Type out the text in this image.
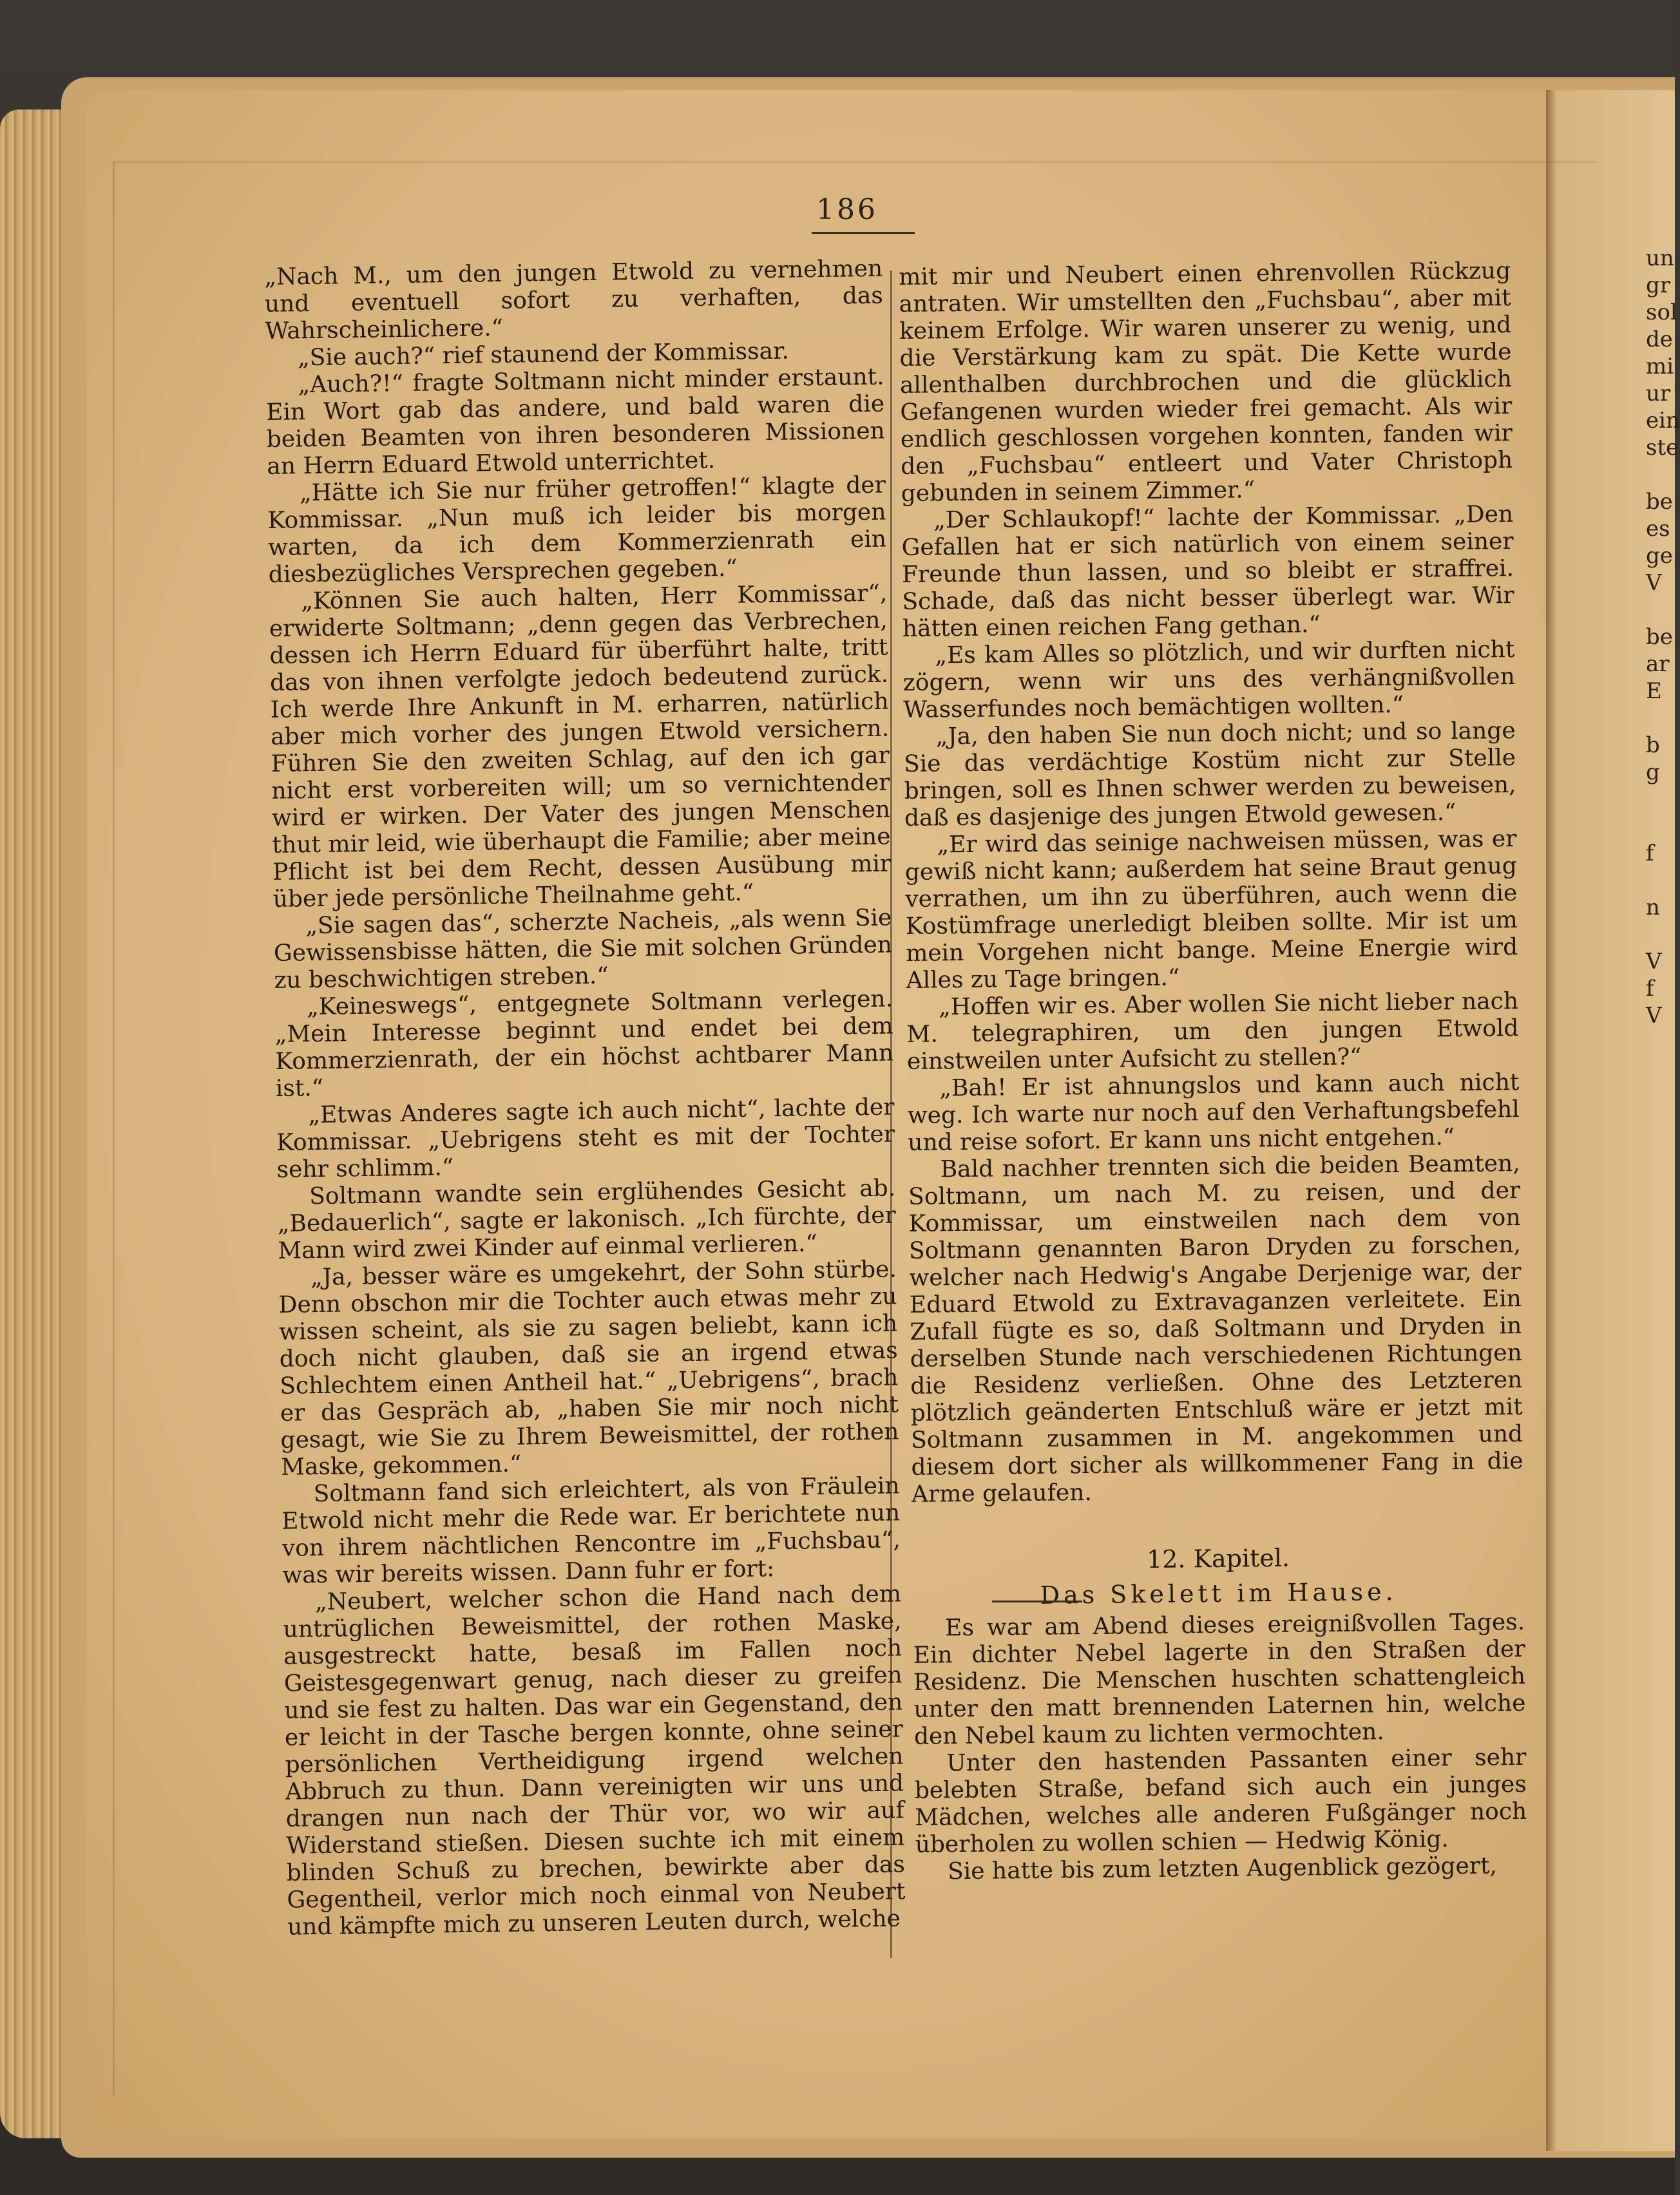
186

„Nach M., um den jungen Etwold zu vernehmen und eventuell sofort zu verhaften, das Wahrscheinlichere.“

„Sie auch?“ rief staunend der Kommissar.

„Auch?!“ fragte Soltmann nicht minder erstaunt. Ein Wort gab das andere, und bald waren die beiden Beamten von ihren besonderen Missionen an Herrn Eduard Etwold unterrichtet.

„Hätte ich Sie nur früher getroffen!“ klagte der Kommissar. „Nun muß ich leider bis morgen warten, da ich dem Kommerzienrath ein diesbezügliches Versprechen gegeben.“

„Können Sie auch halten, Herr Kommissar“, erwiderte Soltmann; „denn gegen das Verbrechen, dessen ich Herrn Eduard für überführt halte, tritt das von ihnen verfolgte jedoch bedeutend zurück. Ich werde Ihre Ankunft in M. erharren, natürlich aber mich vorher des jungen Etwold versichern. Führen Sie den zweiten Schlag, auf den ich gar nicht erst vorbereiten will; um so vernichtender wird er wirken. Der Vater des jungen Menschen thut mir leid, wie überhaupt die Familie; aber meine Pflicht ist bei dem Recht, dessen Ausübung mir über jede persönliche Theilnahme geht.“

„Sie sagen das“, scherzte Nacheis, „als wenn Sie Gewissensbisse hätten, die Sie mit solchen Gründen zu beschwichtigen streben.“

„Keineswegs“, entgegnete Soltmann verlegen. „Mein Interesse beginnt und endet bei dem Kommerzienrath, der ein höchst achtbarer Mann ist.“

„Etwas Anderes sagte ich auch nicht“, lachte der Kommissar. „Uebrigens steht es mit der Tochter sehr schlimm.“

Soltmann wandte sein erglühendes Gesicht ab. „Bedauerlich“, sagte er lakonisch. „Ich fürchte, der Mann wird zwei Kinder auf einmal verlieren.“

„Ja, besser wäre es umgekehrt, der Sohn stürbe. Denn obschon mir die Tochter auch etwas mehr zu wissen scheint, als sie zu sagen beliebt, kann ich doch nicht glauben, daß sie an irgend etwas Schlechtem einen Antheil hat.“ „Uebrigens“, brach er das Gespräch ab, „haben Sie mir noch nicht gesagt, wie Sie zu Ihrem Beweismittel, der rothen Maske, gekommen.“

Soltmann fand sich erleichtert, als von Fräulein Etwold nicht mehr die Rede war. Er berichtete nun von ihrem nächtlichen Rencontre im „Fuchsbau“, was wir bereits wissen. Dann fuhr er fort:

„Neubert, welcher schon die Hand nach dem untrüglichen Beweismittel, der rothen Maske, ausgestreckt hatte, besaß im Fallen noch Geistesgegenwart genug, nach dieser zu greifen und sie fest zu halten. Das war ein Gegenstand, den er leicht in der Tasche bergen konnte, ohne seiner persönlichen Vertheidigung irgend welchen Abbruch zu thun. Dann vereinigten wir uns und drangen nun nach der Thür vor, wo wir auf Widerstand stießen. Diesen suchte ich mit einem blinden Schuß zu brechen, bewirkte aber das Gegentheil, verlor mich noch einmal von Neubert und kämpfte mich zu unseren Leuten durch, welche

mit mir und Neubert einen ehrenvollen Rückzug antraten. Wir umstellten den „Fuchsbau“, aber mit keinem Erfolge. Wir waren unserer zu wenig, und die Verstärkung kam zu spät. Die Kette wurde allenthalben durchbrochen und die glücklich Gefangenen wurden wieder frei gemacht. Als wir endlich geschlossen vorgehen konnten, fanden wir den „Fuchsbau“ entleert und Vater Christoph gebunden in seinem Zimmer.“

„Der Schlaukopf!“ lachte der Kommissar. „Den Gefallen hat er sich natürlich von einem seiner Freunde thun lassen, und so bleibt er straffrei. Schade, daß das nicht besser überlegt war. Wir hätten einen reichen Fang gethan.“

„Es kam Alles so plötzlich, und wir durften nicht zögern, wenn wir uns des verhängnißvollen Wasserfundes noch bemächtigen wollten.“

„Ja, den haben Sie nun doch nicht; und so lange Sie das verdächtige Kostüm nicht zur Stelle bringen, soll es Ihnen schwer werden zu beweisen, daß es dasjenige des jungen Etwold gewesen.“

„Er wird das seinige nachweisen müssen, was er gewiß nicht kann; außerdem hat seine Braut genug verrathen, um ihn zu überführen, auch wenn die Kostümfrage unerledigt bleiben sollte. Mir ist um mein Vorgehen nicht bange. Meine Energie wird Alles zu Tage bringen.“

„Hoffen wir es. Aber wollen Sie nicht lieber nach M. telegraphiren, um den jungen Etwold einstweilen unter Aufsicht zu stellen?“

„Bah! Er ist ahnungslos und kann auch nicht weg. Ich warte nur noch auf den Verhaftungsbefehl und reise sofort. Er kann uns nicht entgehen.“

Bald nachher trennten sich die beiden Beamten, Soltmann, um nach M. zu reisen, und der Kommissar, um einstweilen nach dem von Soltmann genannten Baron Dryden zu forschen, welcher nach Hedwig's Angabe Derjenige war, der Eduard Etwold zu Extravaganzen verleitete. Ein Zufall fügte es so, daß Soltmann und Dryden in derselben Stunde nach verschiedenen Richtungen die Residenz verließen. Ohne des Letzteren plötzlich geänderten Entschluß wäre er jetzt mit Soltmann zusammen in M. angekommen und diesem dort sicher als willkommener Fang in die Arme gelaufen.

12. Kapitel.

Das Skelett im Hause.

Es war am Abend dieses ereignißvollen Tages. Ein dichter Nebel lagerte in den Straßen der Residenz. Die Menschen huschten schattengleich unter den matt brennenden Laternen hin, welche den Nebel kaum zu lichten vermochten.

Unter den hastenden Passanten einer sehr belebten Straße, befand sich auch ein junges Mädchen, welches alle anderen Fußgänger noch überholen zu wollen schien — Hedwig König.

Sie hatte bis zum letzten Augenblick gezögert,

un
gr
sol
de
mi
ur
ein
ste

be
es
ge
V

be
ar
E

b
g

f

n

V
f
V
